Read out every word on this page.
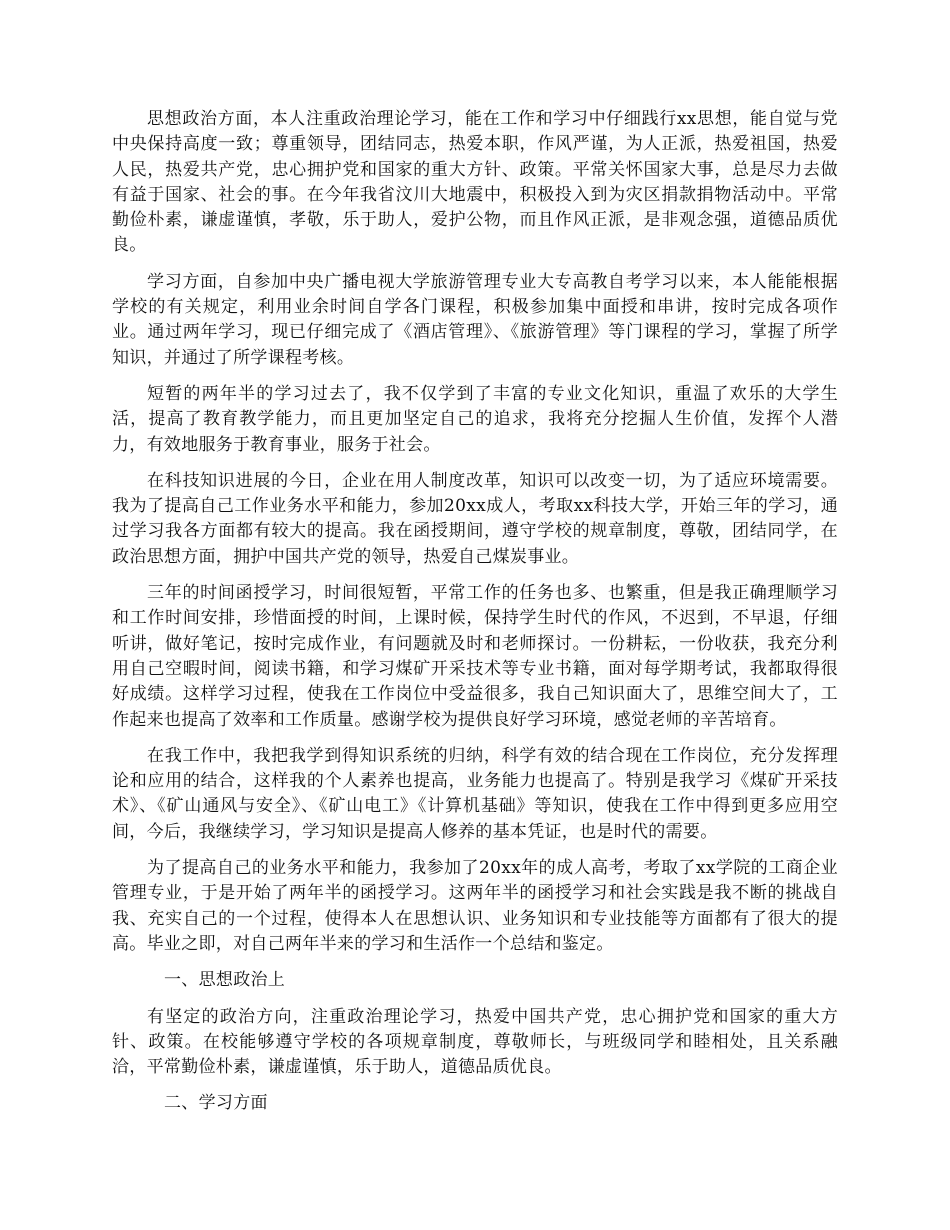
思想政治方面，本人注重政治理论学习，能在工作和学习中仔细践行xx思想，能自觉与党中央保持高度一致；尊重领导，团结同志，热爱本职，作风严谨，为人正派，热爱祖国，热爱人民，热爱共产党，忠心拥护党和国家的重大方针、政策。平常关怀国家大事，总是尽力去做有益于国家、社会的事。在今年我省汶川大地震中，积极投入到为灾区捐款捐物活动中。平常勤俭朴素，谦虚谨慎，孝敬，乐于助人，爱护公物，而且作风正派，是非观念强，道德品质优良。

学习方面，自参加中央广播电视大学旅游管理专业大专高教自考学习以来，本人能能根据学校的有关规定，利用业余时间自学各门课程，积极参加集中面授和串讲，按时完成各项作业。通过两年学习，现已仔细完成了《酒店管理》、《旅游管理》等门课程的学习，掌握了所学知识，并通过了所学课程考核。

短暂的两年半的学习过去了，我不仅学到了丰富的专业文化知识，重温了欢乐的大学生活，提高了教育教学能力，而且更加坚定自己的追求，我将充分挖掘人生价值，发挥个人潜力，有效地服务于教育事业，服务于社会。

在科技知识进展的今日，企业在用人制度改革，知识可以改变一切，为了适应环境需要。我为了提高自己工作业务水平和能力，参加20xx成人，考取xx科技大学，开始三年的学习，通过学习我各方面都有较大的提高。我在函授期间，遵守学校的规章制度，尊敬，团结同学，在政治思想方面，拥护中国共产党的领导，热爱自己煤炭事业。

三年的时间函授学习，时间很短暂，平常工作的任务也多、也繁重，但是我正确理顺学习和工作时间安排，珍惜面授的时间，上课时候，保持学生时代的作风，不迟到，不早退，仔细听讲，做好笔记，按时完成作业，有问题就及时和老师探讨。一份耕耘，一份收获，我充分利用自己空暇时间，阅读书籍，和学习煤矿开采技术等专业书籍，面对每学期考试，我都取得很好成绩。这样学习过程，使我在工作岗位中受益很多，我自己知识面大了，思维空间大了，工作起来也提高了效率和工作质量。感谢学校为提供良好学习环境，感觉老师的辛苦培育。

在我工作中，我把我学到得知识系统的归纳，科学有效的结合现在工作岗位，充分发挥理论和应用的结合，这样我的个人素养也提高，业务能力也提高了。特别是我学习《煤矿开采技术》、《矿山通风与安全》、《矿山电工》《计算机基础》等知识，使我在工作中得到更多应用空间，今后，我继续学习，学习知识是提高人修养的基本凭证，也是时代的需要。

为了提高自己的业务水平和能力，我参加了20xx年的成人高考，考取了xx学院的工商企业管理专业，于是开始了两年半的函授学习。这两年半的函授学习和社会实践是我不断的挑战自我、充实自己的一个过程，使得本人在思想认识、业务知识和专业技能等方面都有了很大的提高。毕业之即，对自己两年半来的学习和生活作一个总结和鉴定。

一、思想政治上

有坚定的政治方向，注重政治理论学习，热爱中国共产党，忠心拥护党和国家的重大方针、政策。在校能够遵守学校的各项规章制度，尊敬师长，与班级同学和睦相处，且关系融洽，平常勤俭朴素，谦虚谨慎，乐于助人，道德品质优良。

二、学习方面
